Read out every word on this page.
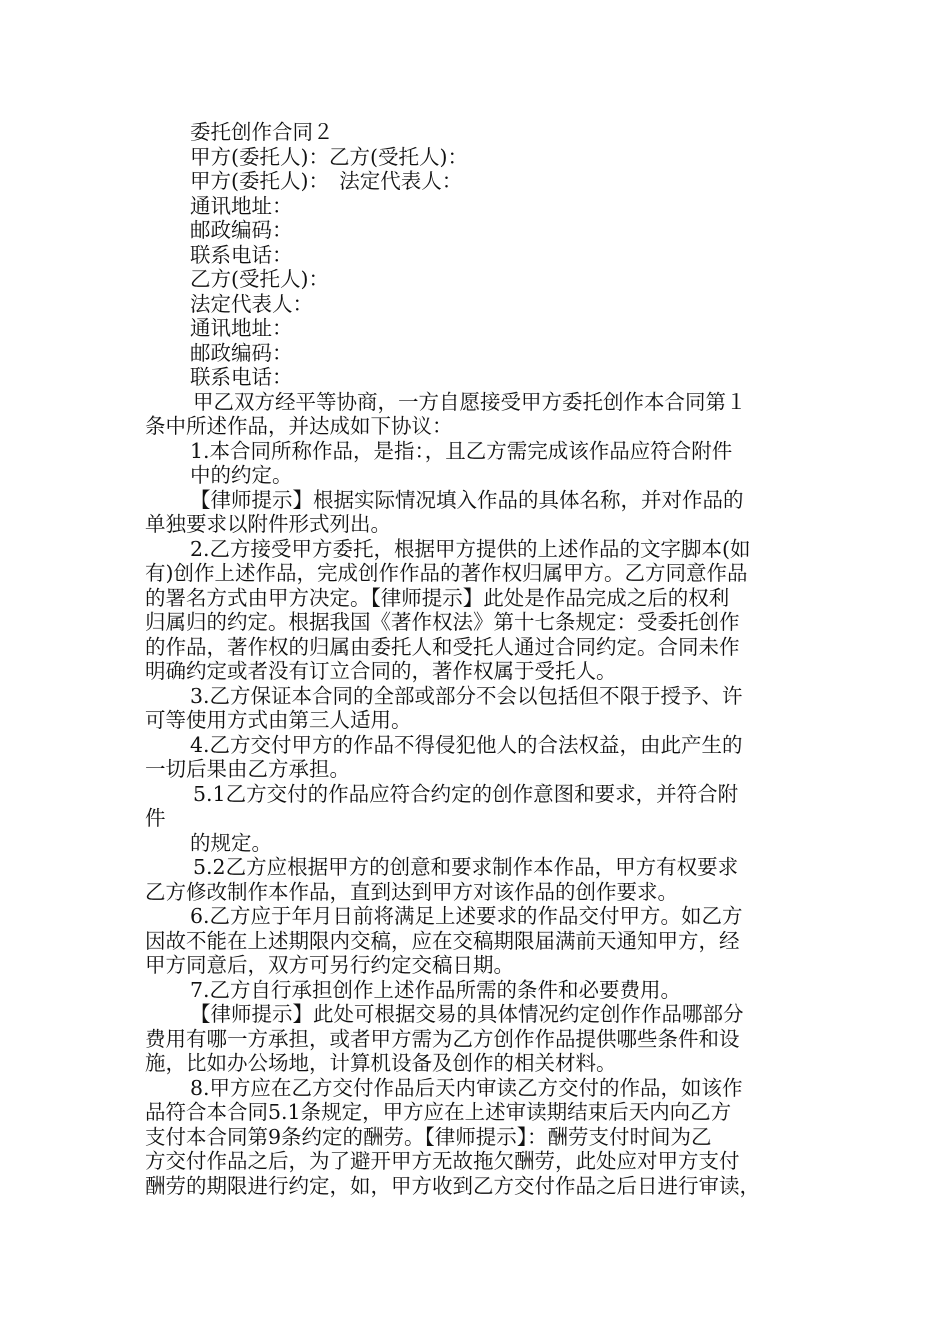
委托创作合同２
甲方(委托人)：乙方(受托人)：
甲方(委托人)：　法定代表人：
通讯地址：
邮政编码：
联系电话：
乙方(受托人)：
法定代表人：
通讯地址：
邮政编码：
联系电话：
甲乙双方经平等协商，一方自愿接受甲方委托创作本合同第１
条中所述作品，并达成如下协议：
1.本合同所称作品，是指：，且乙方需完成该作品应符合附件
中的约定。
【律师提示】根据实际情况填入作品的具体名称，并对作品的
单独要求以附件形式列出。
2.乙方接受甲方委托，根据甲方提供的上述作品的文字脚本(如
有)创作上述作品，完成创作作品的著作权归属甲方。乙方同意作品
的署名方式由甲方决定。【律师提示】此处是作品完成之后的权利
归属归的约定。根据我国《著作权法》第十七条规定：受委托创作
的作品，著作权的归属由委托人和受托人通过合同约定。合同未作
明确约定或者没有订立合同的，著作权属于受托人。
3.乙方保证本合同的全部或部分不会以包括但不限于授予、许
可等使用方式由第三人适用。
4.乙方交付甲方的作品不得侵犯他人的合法权益，由此产生的
一切后果由乙方承担。
5.1乙方交付的作品应符合约定的创作意图和要求，并符合附
件
的规定。
5.2乙方应根据甲方的创意和要求制作本作品，甲方有权要求
乙方修改制作本作品，直到达到甲方对该作品的创作要求。
6.乙方应于年月日前将满足上述要求的作品交付甲方。如乙方
因故不能在上述期限内交稿，应在交稿期限届满前天通知甲方，经
甲方同意后，双方可另行约定交稿日期。
7.乙方自行承担创作上述作品所需的条件和必要费用。
【律师提示】此处可根据交易的具体情况约定创作作品哪部分
费用有哪一方承担，或者甲方需为乙方创作作品提供哪些条件和设
施，比如办公场地，计算机设备及创作的相关材料。
8.甲方应在乙方交付作品后天内审读乙方交付的作品，如该作
品符合本合同5.1条规定，甲方应在上述审读期结束后天内向乙方
支付本合同第9条约定的酬劳。【律师提示】：酬劳支付时间为乙
方交付作品之后，为了避开甲方无故拖欠酬劳，此处应对甲方支付
酬劳的期限进行约定，如，甲方收到乙方交付作品之后日进行审读，
